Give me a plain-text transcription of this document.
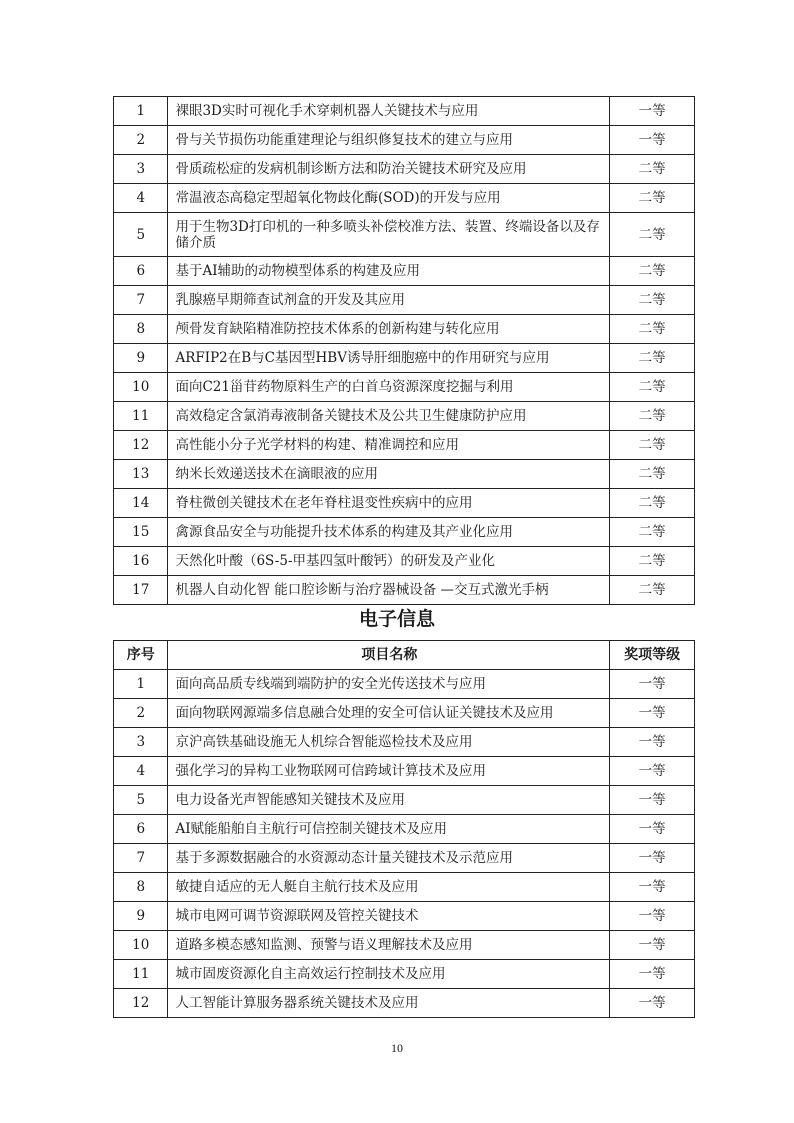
1	裸眼3D实时可视化手术穿刺机器人关键技术与应用	一等
2	骨与关节损伤功能重建理论与组织修复技术的建立与应用	一等
3	骨质疏松症的发病机制诊断方法和防治关键技术研究及应用	二等
4	常温液态高稳定型超氧化物歧化酶(SOD)的开发与应用	二等
5	用于生物3D打印机的一种多喷头补偿校准方法、装置、终端设备以及存储介质	二等
6	基于AI辅助的动物模型体系的构建及应用	二等
7	乳腺癌早期筛查试剂盒的开发及其应用	二等
8	颅骨发育缺陷精准防控技术体系的创新构建与转化应用	二等
9	ARFIP2在B与C基因型HBV诱导肝细胞癌中的作用研究与应用	二等
10	面向C21甾苷药物原料生产的白首乌资源深度挖掘与利用	二等
11	高效稳定含氯消毒液制备关键技术及公共卫生健康防护应用	二等
12	高性能小分子光学材料的构建、精准调控和应用	二等
13	纳米长效递送技术在滴眼液的应用	二等
14	脊柱微创关键技术在老年脊柱退变性疾病中的应用	二等
15	禽源食品安全与功能提升技术体系的构建及其产业化应用	二等
16	天然化叶酸（6S-5-甲基四氢叶酸钙）的研发及产业化	二等
17	机器人自动化智 能口腔诊断与治疗器械设备 —交互式激光手柄	二等
电子信息
序号	项目名称	奖项等级
1	面向高品质专线端到端防护的安全光传送技术与应用	一等
2	面向物联网源端多信息融合处理的安全可信认证关键技术及应用	一等
3	京沪高铁基础设施无人机综合智能巡检技术及应用	一等
4	强化学习的异构工业物联网可信跨域计算技术及应用	一等
5	电力设备光声智能感知关键技术及应用	一等
6	AI赋能船舶自主航行可信控制关键技术及应用	一等
7	基于多源数据融合的水资源动态计量关键技术及示范应用	一等
8	敏捷自适应的无人艇自主航行技术及应用	一等
9	城市电网可调节资源联网及管控关键技术	一等
10	道路多模态感知监测、预警与语义理解技术及应用	一等
11	城市固废资源化自主高效运行控制技术及应用	一等
12	人工智能计算服务器系统关键技术及应用	一等
10
